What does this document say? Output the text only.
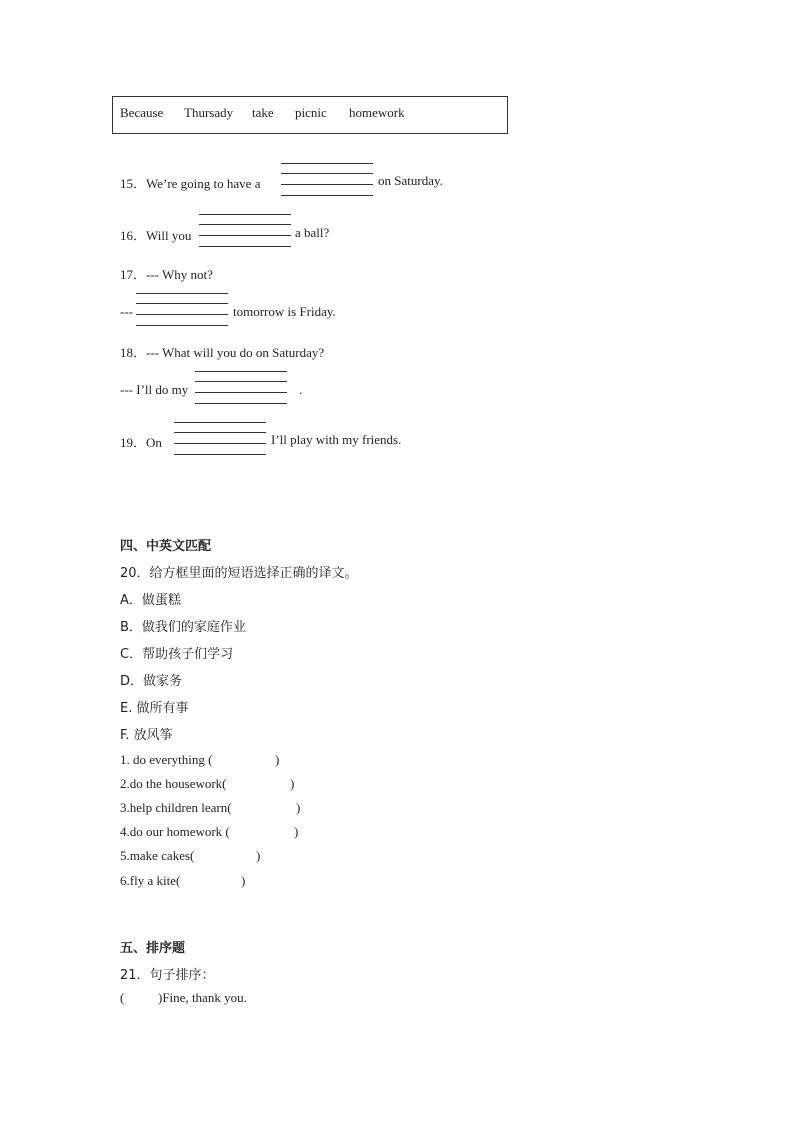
Because Thursady take picnic homework
15．We’re going to have a	on Saturday.
16．Will you	a ball?
17．--- Why not?
---	tomorrow is Friday.
18．--- What will you do on Saturday?
--- I’ll do my	.
19．On	I’ll play with my friends.
四、中英文匹配
20．给方框里面的短语选择正确的译文。
A．做蛋糕
B．做我们的家庭作业
C．帮助孩子们学习
D．做家务
E. 做所有事
F. 放风筝
1. do everything (	)
2.do the housework(	)
3.help children learn(	)
4.do our homework (	)
5.make cakes(	)
6.fly a kite(	)
五、排序题
21．句子排序：
(	)Fine, thank you.
